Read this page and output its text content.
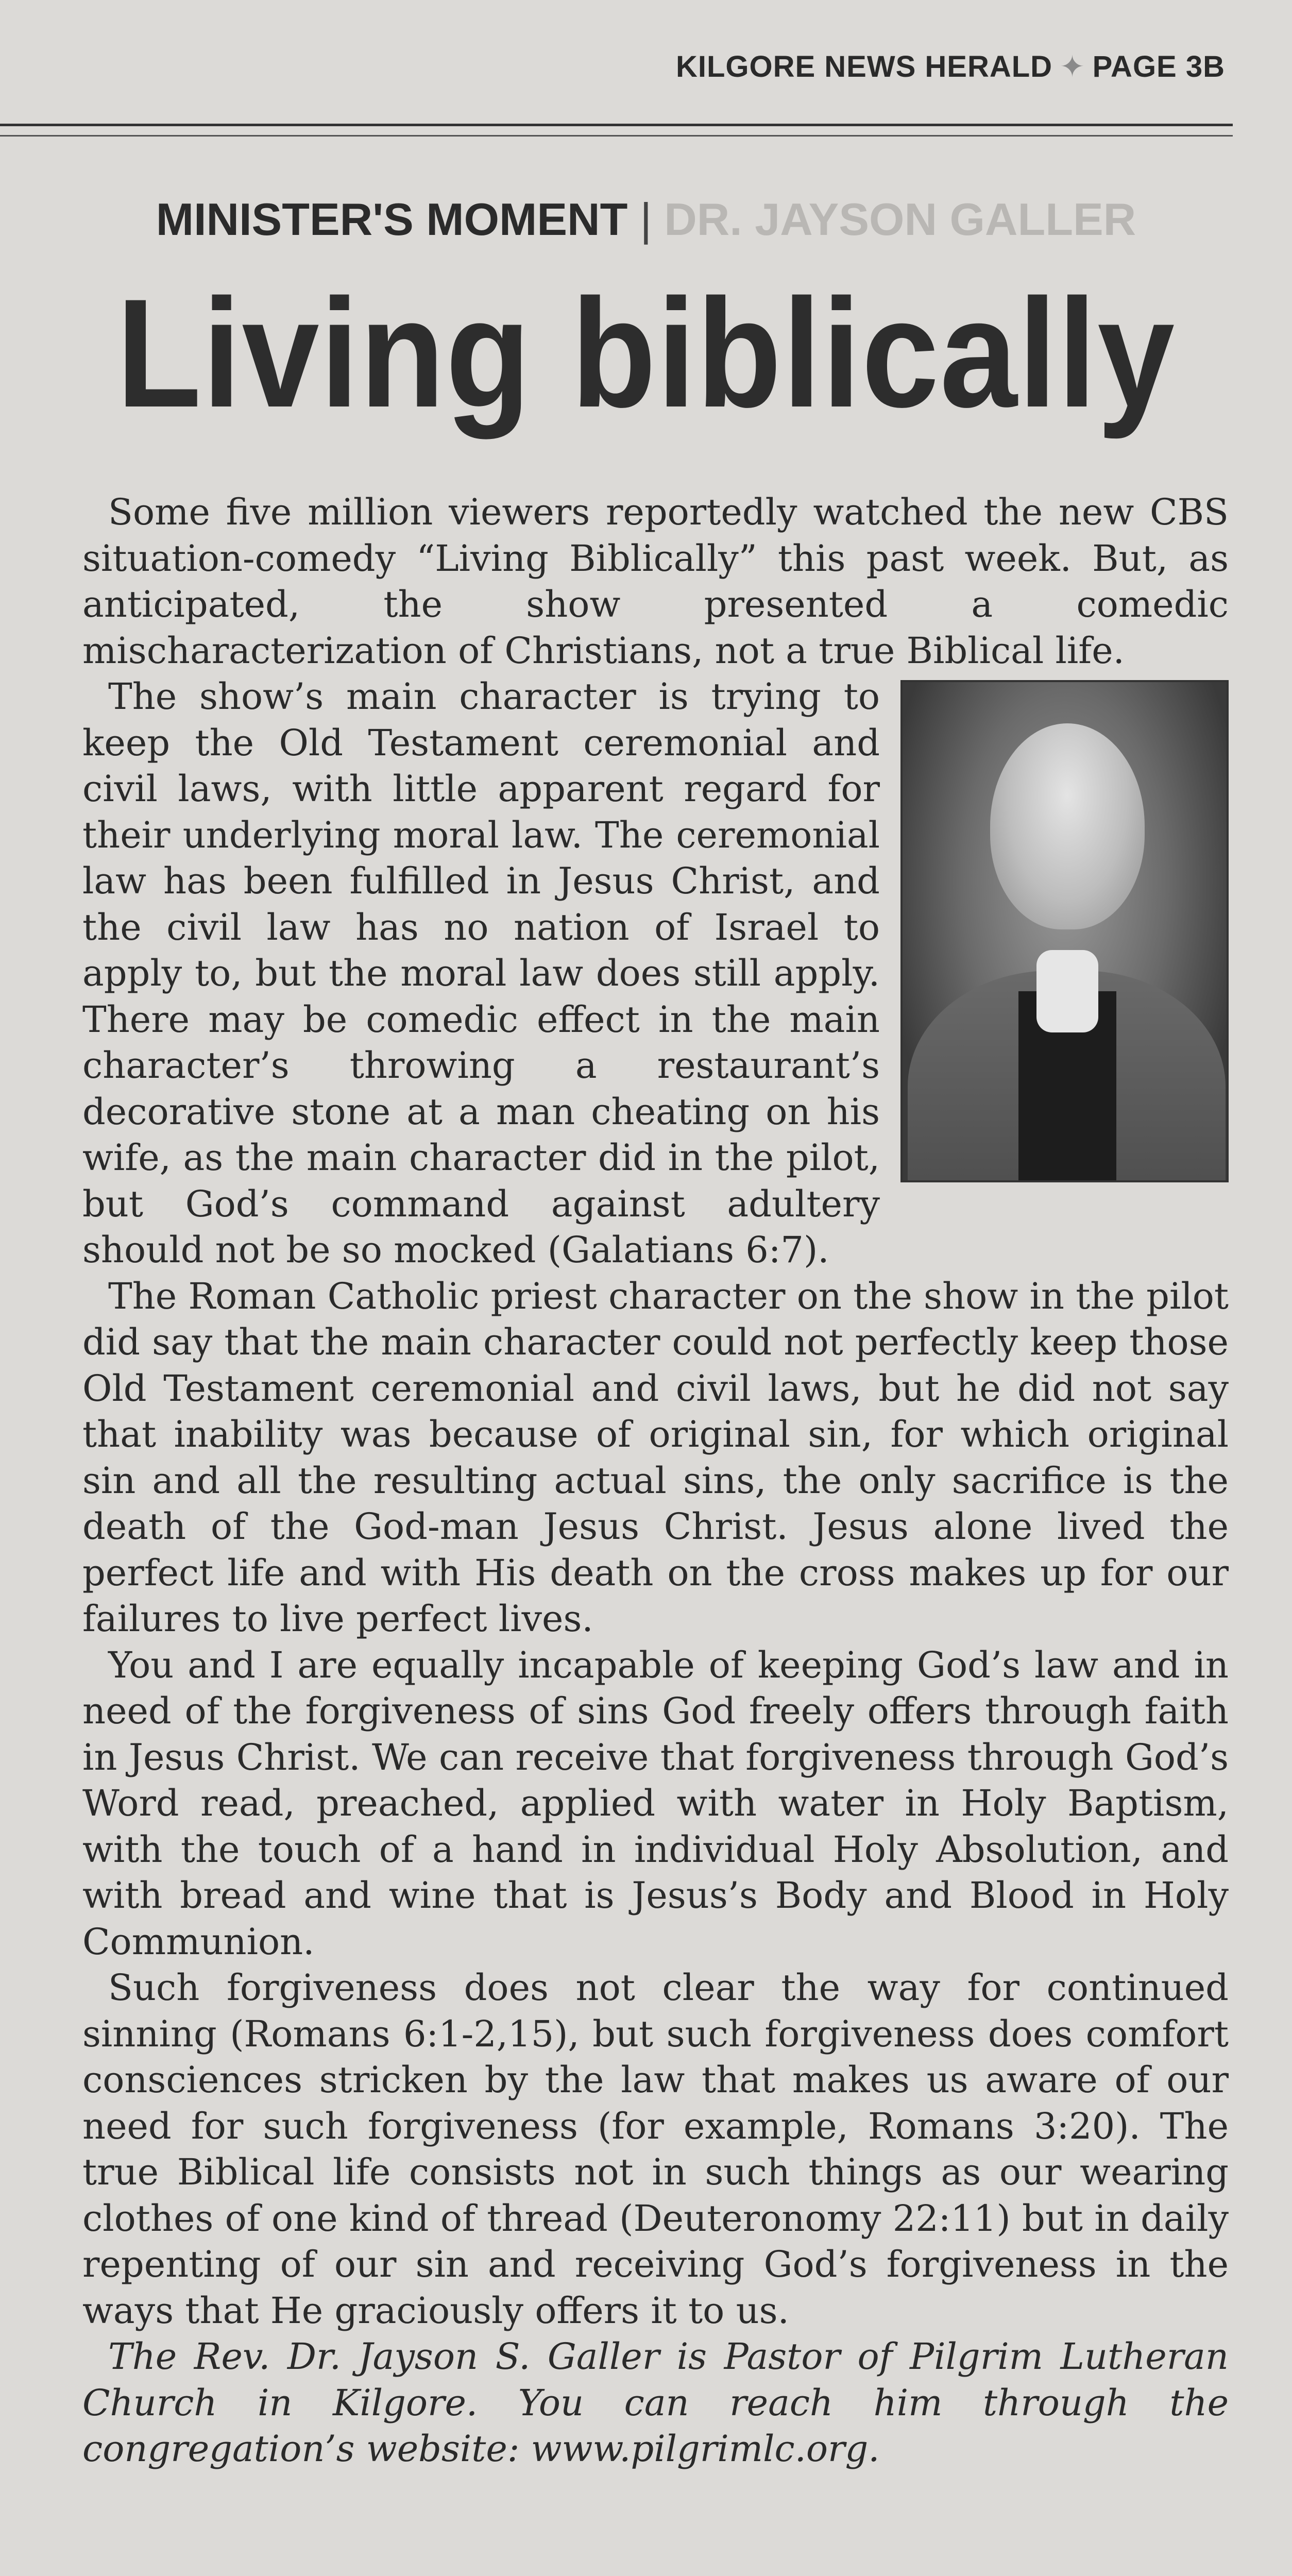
KILGORE NEWS HERALD ✦ PAGE 3B
MINISTER'S MOMENT | DR. JAYSON GALLER
Living biblically

Some five million viewers reportedly watched the new CBS situation-comedy “Living Biblically” this past week. But, as anticipated, the show presented a comedic mischaracterization of Christians, not a true Biblical life.

The show’s main character is trying to keep the Old Testament ceremonial and civil laws, with little apparent regard for their underlying moral law. The ceremonial law has been fulfilled in Jesus Christ, and the civil law has no nation of Israel to apply to, but the moral law does still apply. There may be comedic effect in the main character’s throwing a restaurant’s decorative stone at a man cheating on his wife, as the main character did in the pilot, but God’s command against adultery should not be so mocked (Galatians 6:7).

The Roman Catholic priest character on the show in the pilot did say that the main character could not perfectly keep those Old Testament ceremonial and civil laws, but he did not say that inability was because of original sin, for which original sin and all the resulting actual sins, the only sacrifice is the death of the God-man Jesus Christ. Jesus alone lived the perfect life and with His death on the cross makes up for our failures to live perfect lives.

You and I are equally incapable of keeping God’s law and in need of the forgiveness of sins God freely offers through faith in Jesus Christ. We can receive that forgiveness through God’s Word read, preached, applied with water in Holy Baptism, with the touch of a hand in individual Holy Absolution, and with bread and wine that is Jesus’s Body and Blood in Holy Communion.

Such forgiveness does not clear the way for continued sinning (Romans 6:1-2,15), but such forgiveness does comfort consciences stricken by the law that makes us aware of our need for such forgiveness (for example, Romans 3:20). The true Biblical life consists not in such things as our wearing clothes of one kind of thread (Deuteronomy 22:11) but in daily repenting of our sin and receiving God’s forgiveness in the ways that He graciously offers it to us.

The Rev. Dr. Jayson S. Galler is Pastor of Pilgrim Lutheran Church in Kilgore. You can reach him through the congregation’s website: www.pilgrimlc.org.
